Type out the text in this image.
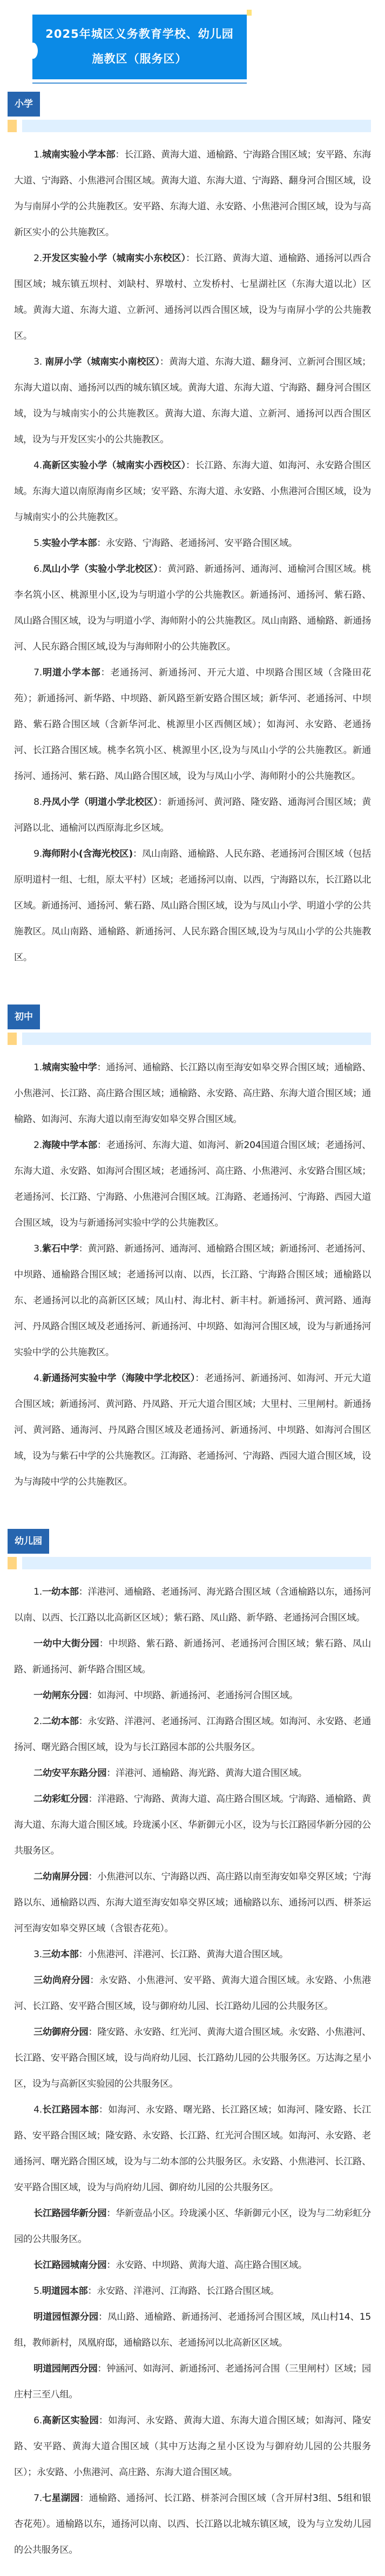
2025年城区义务教育学校、幼儿园
施教区（服务区）
小学

1.城南实验小学本部：长江路、黄海大道、通榆路、宁海路合围区域；安平路、东海大道、宁海路、小焦港河合围区域。黄海大道、东海大道、宁海路、翻身河合围区域，设为与南屏小学的公共施教区。安平路、东海大道、永安路、小焦港河合围区域，设为与高新区实小的公共施教区。

2.开发区实验小学（城南实小东校区）：长江路、黄海大道、通榆路、通扬河以西合围区域；城东镇五坝村、刘缺村、界墩村、立发桥村、七星湖社区（东海大道以北）区域。黄海大道、东海大道、立新河、通扬河以西合围区域，设为与南屏小学的公共施教区。

3. 南屏小学（城南实小南校区）：黄海大道、东海大道、翻身河、立新河合围区域；东海大道以南、通扬河以西的城东镇区域。黄海大道、东海大道、宁海路、翻身河合围区域，设为与城南实小的公共施教区。黄海大道、东海大道、立新河、通扬河以西合围区域，设为与开发区实小的公共施教区。

4.高新区实验小学（城南实小西校区）：长江路、东海大道、如海河、永安路合围区域。东海大道以南原海南乡区域；安平路、东海大道、永安路、小焦港河合围区域，设为与城南实小的公共施教区。

5.实验小学本部：永安路、宁海路、老通扬河、安平路合围区域。

6.凤山小学（实验小学北校区）：黄河路、新通扬河、通海河、通榆河合围区域。桃李名筑小区、桃源里小区,设为与明道小学的公共施教区。新通扬河、通扬河、紫石路、凤山路合围区域，设为与明道小学、海师附小的公共施教区。凤山南路、通榆路、新通扬河、人民东路合围区域,设为与海师附小的公共施教区。

7.明道小学本部：老通扬河、新通扬河、开元大道、中坝路合围区域（含隆田花苑）；新通扬河、新华路、中坝路、新风路至新安路合围区域；新华河、老通扬河、中坝路、紫石路合围区域（含新华河北、桃源里小区西侧区域）；如海河、永安路、老通扬河、长江路合围区域。桃李名筑小区、桃源里小区,设为与凤山小学的公共施教区。新通扬河、通扬河、紫石路、凤山路合围区域，设为与凤山小学、海师附小的公共施教区。

8.丹凤小学（明道小学北校区）：新通扬河、黄河路、隆安路、通海河合围区域；黄河路以北、通榆河以西原海北乡区域。

9.海师附小(含海光校区)：凤山南路、通榆路、人民东路、老通扬河合围区域（包括原明道村一组、七组，原太平村）区域；老通扬河以南、以西，宁海路以东，长江路以北区域。新通扬河、通扬河、紫石路、凤山路合围区域，设为与凤山小学、明道小学的公共施教区。凤山南路、通榆路、新通扬河、人民东路合围区域,设为与凤山小学的公共施教区。

初中

1.城南实验中学：通扬河、通榆路、长江路以南至海安如皋交界合围区域；通榆路、小焦港河、长江路、高庄路合围区域；通榆路、永安路、高庄路、东海大道合围区域；通榆路、如海河、东海大道以南至海安如皋交界合围区域。

2.海陵中学本部：老通扬河、东海大道、如海河、新204国道合围区域；老通扬河、东海大道、永安路、如海河合围区域；老通扬河、高庄路、小焦港河、永安路合围区域；老通扬河、长江路、宁海路、小焦港河合围区域。江海路、老通扬河、宁海路、西园大道合围区域，设为与新通扬河实验中学的公共施教区。

3.紫石中学：黄河路、新通扬河、通海河、通榆路合围区域；新通扬河、老通扬河、中坝路、通榆路合围区域；老通扬河以南、以西，长江路、宁海路合围区域；通榆路以东、老通扬河以北的高新区区域；凤山村、海北村、新丰村。新通扬河、黄河路、通海河、丹凤路合围区域及老通扬河、新通扬河、中坝路、如海河合围区域，设为与新通扬河实验中学的公共施教区。

4.新通扬河实验中学（海陵中学北校区）：老通扬河、新通扬河、如海河、开元大道合围区域；新通扬河、黄河路、丹凤路、开元大道合围区域；大里村、三里闸村。新通扬河、黄河路、通海河、丹凤路合围区域及老通扬河、新通扬河、中坝路、如海河合围区域，设为与紫石中学的公共施教区。江海路、老通扬河、宁海路、西园大道合围区域，设为与海陵中学的公共施教区。

幼儿园

1.一幼本部：洋港河、通榆路、老通扬河、海光路合围区域（含通榆路以东，通扬河以南、以西、长江路以北高新区区域）；紫石路、凤山路、新华路、老通扬河合围区域。

一幼中大街分园：中坝路、紫石路、新通扬河、老通扬河合围区域；紫石路、凤山路、新通扬河、新华路合围区域。

一幼闸东分园：如海河、中坝路、新通扬河、老通扬河合围区域。

2.二幼本部：永安路、洋港河、老通扬河、江海路合围区域。如海河、永安路、老通扬河、曙光路合围区域，设为与长江路园本部的公共服务区。

二幼安平东路分园：洋港河、通榆路、海光路、黄海大道合围区域。

二幼彩虹分园：洋港路、宁海路、黄海大道、高庄路合围区域。宁海路、通榆路、黄海大道、东海大道合围区域。玲珑溪小区、华新御元小区，设为与长江路园华新分园的公共服务区。

二幼南屏分园：小焦港河以东、宁海路以西、高庄路以南至海安如皋交界区域；宁海路以东、通榆路以西、东海大道至海安如皋交界区域；通榆路以东、通扬河以西、栟茶运河至海安如皋交界区域（含银杏花苑）。

3.三幼本部：小焦港河、洋港河、长江路、黄海大道合围区域。

三幼尚府分园：永安路、小焦港河、安平路、黄海大道合围区域。永安路、小焦港河、长江路、安平路合围区域，设与御府幼儿园、长江路幼儿园的公共服务区。

三幼御府分园：隆安路、永安路、红光河、黄海大道合围区域。永安路、小焦港河、长江路、安平路合围区域，设与尚府幼儿园、长江路幼儿园的公共服务区。万达海之星小区，设为与高新区实验园的公共服务区。

4.长江路园本部：如海河、永安路、曙光路、长江路区域；如海河、隆安路、长江路、安平路合围区域；隆安路、永安路、长江路、红光河合围区域。如海河、永安路、老通扬河、曙光路合围区域，设为与二幼本部的公共服务区。永安路、小焦港河、长江路、安平路合围区域，设为与尚府幼儿园、御府幼儿园的公共服务区。

长江路园华新分园：华新壹品小区。玲珑溪小区、华新御元小区，设为与二幼彩虹分园的公共服务区。

长江路园城南分园：永安路、中坝路、黄海大道、高庄路合围区域。

5.明道园本部：永安路、洋港河、江海路、长江路合围区域。

明道园恒源分园：凤山路、通榆路、新通扬河、老通扬河合围区域，凤山村14、15组，教师新村，凤凰府邸，通榆路以东、老通扬河以北高新区区域。

明道园闸西分园：钟涵河、如海河、新通扬河、老通扬河合围（三里闸村）区域；园庄村三至八组。

6.高新区实验园：如海河、永安路、黄海大道、东海大道合围区域；如海河、隆安路、安平路、黄海大道合围区域（其中万达海之星小区设为与御府幼儿园的公共服务区）；永安路、小焦港河、高庄路、东海大道合围区域。

7.七星湖园：通榆路、通扬河、长江路、栟茶河合围区域（含开屏村3组、5组和银杏花苑）。通榆路以东，通扬河以南、以西、长江路以北城东镇区域，设为与立发幼儿园的公共服务区。
